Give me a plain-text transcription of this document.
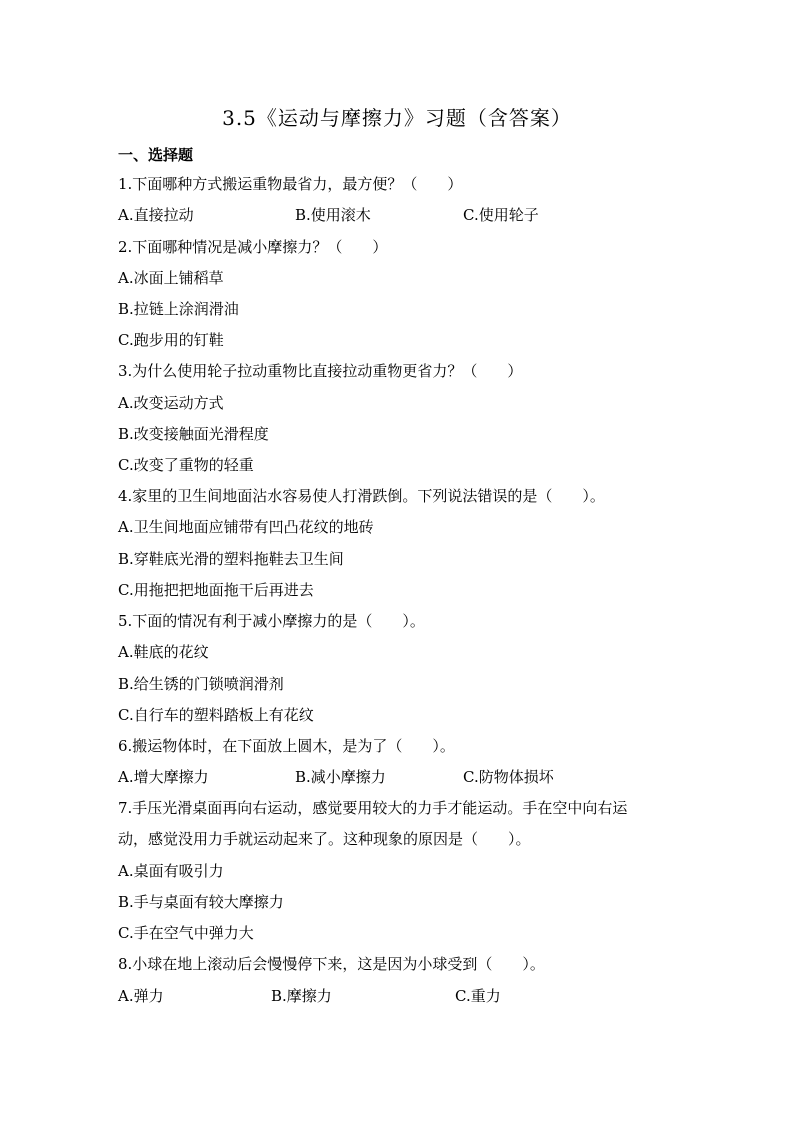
3.5《运动与摩擦力》习题（含答案）
一、选择题
1.下面哪种方式搬运重物最省力，最方便？（　　）
A.直接拉动	B.使用滚木	C.使用轮子
2.下面哪种情况是减小摩擦力？（　　）
A.冰面上铺稻草
B.拉链上涂润滑油
C.跑步用的钉鞋
3.为什么使用轮子拉动重物比直接拉动重物更省力？（　　）
A.改变运动方式
B.改变接触面光滑程度
C.改变了重物的轻重
4.家里的卫生间地面沾水容易使人打滑跌倒。下列说法错误的是（　　）。
A.卫生间地面应铺带有凹凸花纹的地砖
B.穿鞋底光滑的塑料拖鞋去卫生间
C.用拖把把地面拖干后再进去
5.下面的情况有利于减小摩擦力的是（　　）。
A.鞋底的花纹
B.给生锈的门锁喷润滑剂
C.自行车的塑料踏板上有花纹
6.搬运物体时，在下面放上圆木，是为了（　　）。
A.增大摩擦力	B.减小摩擦力	C.防物体损坏
7.手压光滑桌面再向右运动，感觉要用较大的力手才能运动。手在空中向右运
动，感觉没用力手就运动起来了。这种现象的原因是（　　）。
A.桌面有吸引力
B.手与桌面有较大摩擦力
C.手在空气中弹力大
8.小球在地上滚动后会慢慢停下来，这是因为小球受到（　　）。
A.弹力	B.摩擦力	C.重力
